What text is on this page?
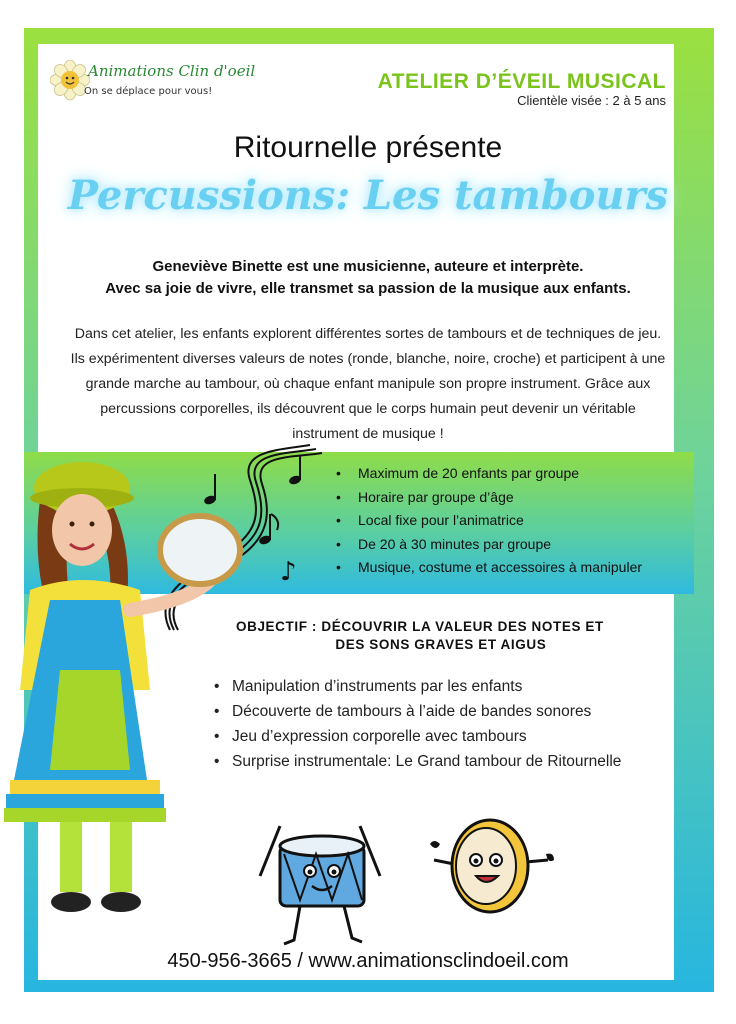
Animations Clin d'oeil
On se déplace pour vous!	ATELIER D’ÉVEIL MUSICAL
Clientèle visée : 2 à 5 ans
Ritournelle présente
Percussions: Les tambours
Geneviève Binette est une musicienne, auteure et interprète.
Avec sa joie de vivre, elle transmet sa passion de la musique aux enfants.
Dans cet atelier, les enfants explorent différentes sortes de tambours et de techniques de jeu. Ils expérimentent diverses valeurs de notes (ronde, blanche, noire, croche) et participent à une grande marche au tambour, où chaque enfant manipule son propre instrument. Grâce aux percussions corporelles, ils découvrent que le corps humain peut devenir un véritable instrument de musique !
♪
• Maximum de 20 enfants par groupe
• Horaire par groupe d’âge
• Local fixe pour l’animatrice
• De 20 à 30 minutes par groupe
• Musique, costume et accessoires à manipuler
OBJECTIF : DÉCOUVRIR LA VALEUR DES NOTES ET
DES SONS GRAVES ET AIGUS
• Manipulation d’instruments par les enfants
• Découverte de tambours à l’aide de bandes sonores
• Jeu d’expression corporelle avec tambours
• Surprise instrumentale: Le Grand tambour de Ritournelle
450-956-3665 / www.animationsclindoeil.com
